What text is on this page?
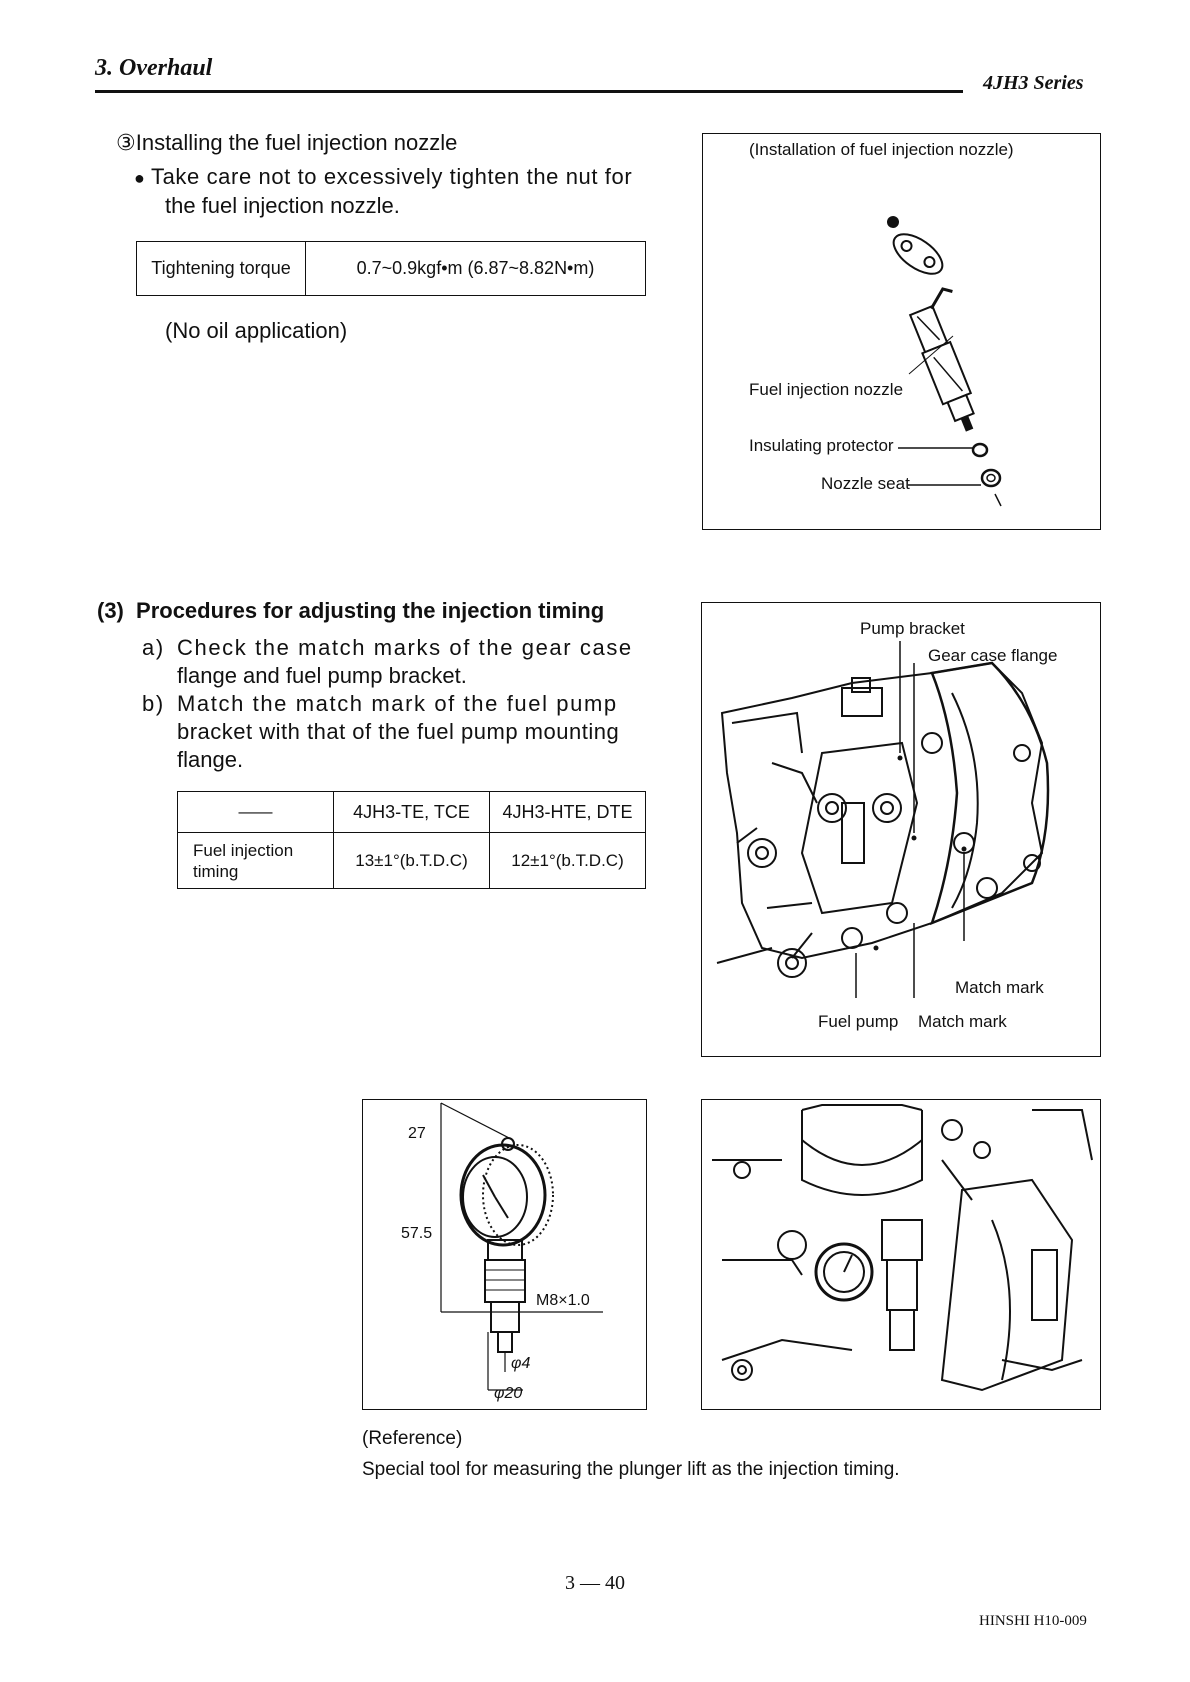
3. Overhaul
4JH3 Series
③Installing the fuel injection nozzle
● Take care not to excessively tighten the nut for
the fuel injection nozzle.
Tightening torque	0.7~0.9kgf•m (6.87~8.82N•m)
(No oil application)
(Installation of fuel injection nozzle)
Fuel injection nozzle
Insulating protector
Nozzle seat
(3) Procedures for adjusting the injection timing
a) Check the match marks of the gear case
flange and fuel pump bracket.
b) Match the match mark of the fuel pump
bracket with that of the fuel pump mounting
flange.
——	4JH3-TE, TCE	4JH3-HTE, DTE

Fuel injection
timing	13±1°(b.T.D.C)	12±1°(b.T.D.C)
Pump bracket
Gear case flange
Match mark
Fuel pump Match mark
27
57.5
M8×1.0
φ4
φ20
(Reference)
Special tool for measuring the plunger lift as the injection timing.
3 — 40
HINSHI H10-009
